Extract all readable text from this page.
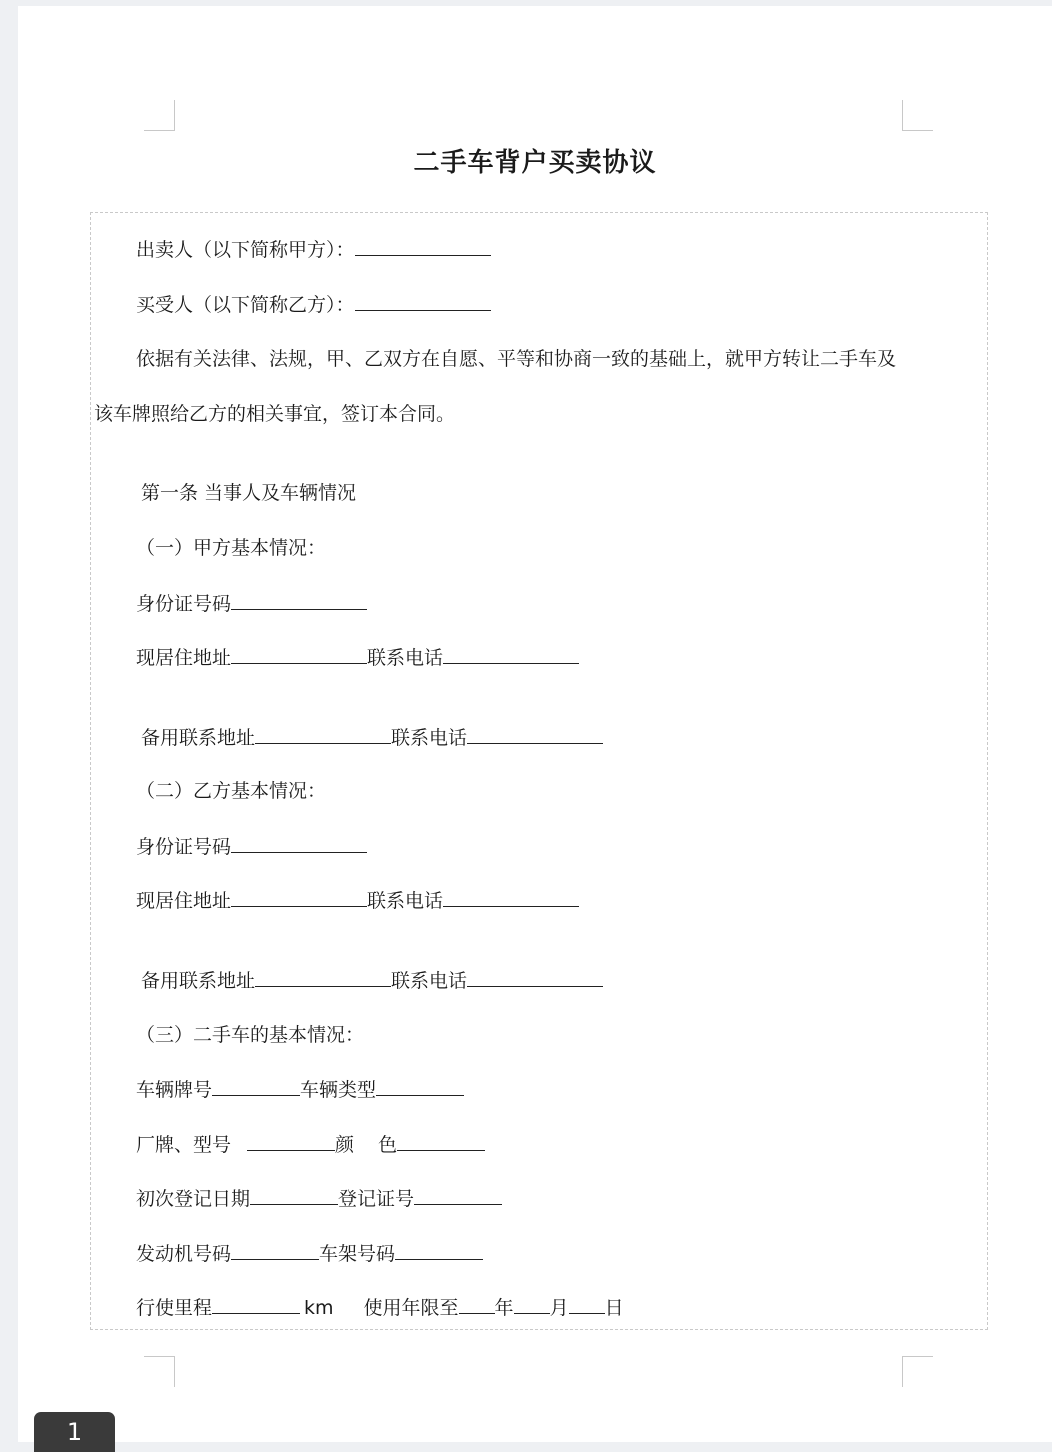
二手车背户买卖协议
出卖人（以下简称甲方）：
买受人（以下简称乙方）：
依据有关法律、法规，甲、乙双方在自愿、平等和协商一致的基础上，就甲方转让二手车及
该车牌照给乙方的相关事宜，签订本合同。
第一条 当事人及车辆情况
（一）甲方基本情况：
身份证号码
现居住地址	联系电话
备用联系地址	联系电话
（二）乙方基本情况：
身份证号码
现居住地址	联系电话
备用联系地址	联系电话
（三）二手车的基本情况：
车辆牌号	车辆类型
厂牌、型号	颜    色
初次登记日期	登记证号
发动机号码	车架号码
行使里程	km 使用年限至 年 月 日
1
